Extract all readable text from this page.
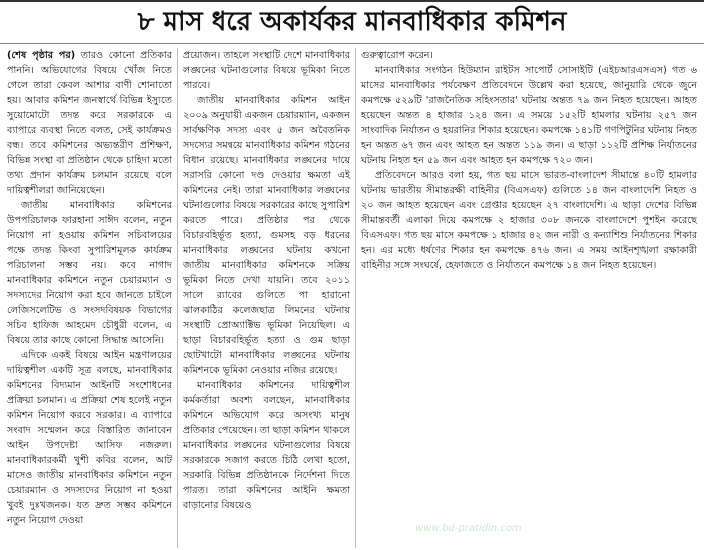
৮ মাস ধরে অকার্যকর মানবাধিকার কমিশন

(শেষ পৃষ্ঠার পর) তারও কোনো প্রতিকার পাননি। অভিযোগের বিষয়ে খোঁজ নিতে গেলে তারা কেবল আশার বাণী শোনাতো হয়। আবার কমিশন জনস্বার্থে বিভিন্ন ইস্যুতে সুয়োমোটো তদন্ত করে সরকারকে এ ব্যাপারে ব্যবস্থা নিতে বলত, সেই কার্যক্রমও বন্ধ। তবে কমিশনের অভ্যন্তরীণ প্রশিক্ষণ, বিভিন্ন সংস্থা বা প্রতিষ্ঠান থেকে চাহিদা মতো তথ্য প্রদান কার্যক্রম চলমান রয়েছে বলে দায়িত্বশীলরা জানিয়েছেন।

জাতীয় মানবাধিকার কমিশনের উপপরিচালক ফারহানা সাঈদ বলেন, নতুন নিয়োগ না হওয়ায় কমিশন সচিবালয়ের পক্ষে তদন্ত কিংবা সুপারিশমূলক কার্যক্রম পরিচালনা সম্ভব নয়। কবে নাগাদ মানবাধিকার কমিশনে নতুন চেয়ারম্যান ও সদস্যদের নিয়োগ করা হবে জানতে চাইলে লেজিসলেটিভ ও সংসদবিষয়ক বিভাগের সচিব হাফিজ আহমেদ চৌধুরী বলেন, এ বিষয়ে তার কাছে কোনো সিদ্ধান্ত আসেনি।

এদিকে একই বিষয়ে আইন মন্ত্রণালয়ের দায়িত্বশীল একটি সূত্র বলছে, মানবাধিকার কমিশনের বিদ্যমান আইনটি সংশোধনের প্রক্রিয়া চলমান। এ প্রক্রিয়া শেষ হলেই নতুন কমিশন নিয়োগ করবে সরকার। এ ব্যাপারে সংবাদ সম্মেলন করে বিস্তারিত জানাবেন আইন উপদেষ্টা আসিফ নজরুল। মানবাধিকারকর্মী খুশী কবির বলেন, আট মাসেও জাতীয় মানবাধিকার কমিশনে নতুন চেয়ারম্যান ও সদস্যদের নিয়োগ না হওয়া খুবই দুঃখজনক। যত দ্রুত সম্ভব কমিশনে নতুন নিয়োগ দেওয়া

প্রয়োজন। তাহলে সংস্থাটি দেশে মানবাধিকার লঙ্ঘনের ঘটনাগুলোর বিষয়ে ভূমিকা নিতে পারবে।

জাতীয় মানবাধিকার কমিশন আইন ২০০৯ অনুযায়ী একজন চেয়ারম্যান, একজন সার্বক্ষণিক সদস্য এবং ৫ জন অবৈতনিক সদস্যের সমন্বয়ে মানবাধিকার কমিশন গঠনের বিধান রয়েছে। মানবাধিকার লঙ্ঘনের দায়ে সরাসরি কোনো দণ্ড দেওয়ার ক্ষমতা এই কমিশনের নেই। তারা মানবাধিকার লঙ্ঘনের ঘটনাগুলোর বিষয়ে সরকারের কাছে সুপারিশ করতে পারে। প্রতিষ্ঠার পর থেকে বিচারবহির্ভূত হত্যা, গুমসহ বড় ধরনের মানবাধিকার লঙ্ঘনের ঘটনায় কখনো জাতীয় মানবাধিকার কমিশনকে সক্রিয় ভূমিকা নিতে দেখা যায়নি। তবে ২০১১ সালে র‍্যাবের গুলিতে পা হারানো ঝালকাঠির কলেজছাত্র লিমনের ঘটনায় সংস্থাটি প্রোঅ্যাক্টিভ ভূমিকা নিয়েছিল। এ ছাড়া বিচারবহির্ভূত হত্যা ও গুম ছাড়া ছোটখাটো মানবাধিকার লঙ্ঘনের ঘটনায় কমিশনকে ভূমিকা নেওয়ার নজির রয়েছে।

মানবাধিকার কমিশনের দায়িত্বশীল কর্মকর্তারা অবশ্য বলছেন, মানবাধিকার কমিশনে অভিযোগ করে অসংখ্য মানুষ প্রতিকার পেয়েছেন। তা ছাড়া কমিশন থাকলে মানবাধিকার লঙ্ঘনের ঘটনাগুলোর বিষয়ে সরকারকে সজাগ করতে চিঠি লেখা হতো, সরকারি বিভিন্ন প্রতিষ্ঠানকে নির্দেশনা দিতে পারত। তারা কমিশনের আইনি ক্ষমতা বাড়ানোর বিষয়েও

গুরুত্বারোপ করেন।

মানবাধিকার সংগঠন হিউম্যান রাইটস সাপোর্ট সোসাইটি (এইচআরএসএস) গত ৬ মাসের মানবাধিকার পর্যবেক্ষণ প্রতিবেদনে উল্লেখ করা হয়েছে, জানুয়ারি থেকে জুনে কমপক্ষে ৫২৯টি 'রাজনৈতিক সহিংসতার' ঘটনায় অন্তত ৭৯ জন নিহত হয়েছেন। আহত হয়েছেন অন্তত ৪ হাজার ১২৪ জন। এ সময়ে ১৫২টি হামলার ঘটনায় ২৫৭ জন সাংবাদিক নির্যাতন ও হয়রানির শিকার হয়েছেন। কমপক্ষে ১৪১টি গণপিটুনির ঘটনায় নিহত হন অন্তত ৬৭ জন এবং আহত হন অন্তত ১১৯ জন। এ ছাড়া ১১২টি প্রশিক্ষ নির্যাতনের ঘটনায় নিহত হন ৫৯ জন এবং আহত হন কমপক্ষে ৭২০ জন।

প্রতিবেদনে আরও বলা হয়, গত ছয় মাসে ভারত-বাংলাদেশ সীমান্তে ৪০টি হামলার ঘটনায় ভারতীয় সীমান্তরক্ষী বাহিনীর (বিএসএফ) গুলিতে ১৪ জন বাংলাদেশি নিহত ও ২০ জন আহত হয়েছেন এবং গ্রেপ্তার হয়েছেন ২৭ বাংলাদেশি। এ ছাড়া দেশের বিভিন্ন সীমান্তবর্তী এলাকা দিয়ে কমপক্ষে ২ হাজার ৩০৮ জনকে বাংলাদেশে পুশইন করেছে বিএসএফ। গত ছয় মাসে কমপক্ষে ১ হাজার ৪২ জন নারী ও কন্যাশিশু নির্যাতনের শিকার হন। এর মধ্যে ধর্ষণের শিকার হন কমপক্ষে ৪৭৬ জন। এ সময় আইনশৃঙ্খলা রক্ষাকারী বাহিনীর সঙ্গে সংঘর্ষে, হেফাজতে ও নির্যাতনে কমপক্ষে ১৪ জন নিহত হয়েছেন।

www.bd-pratidin.com
